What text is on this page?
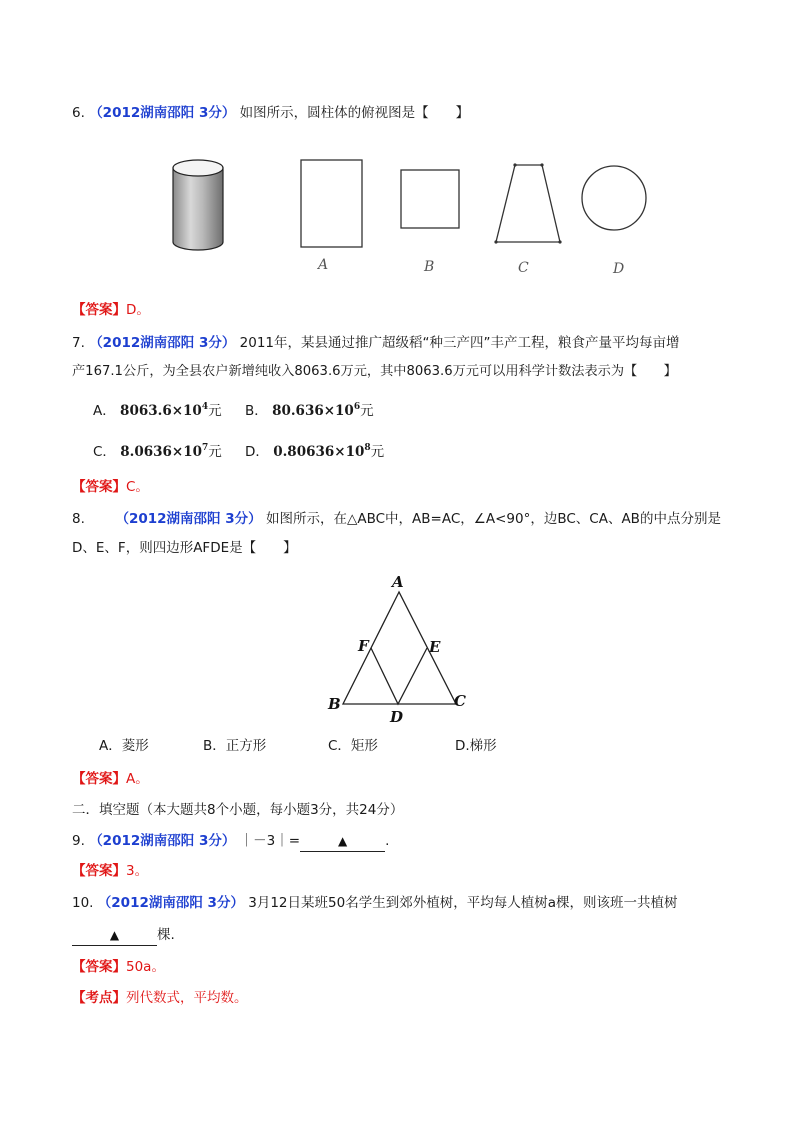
6. （2012湖南邵阳 3分） 如图所示，圆柱体的俯视图是【　　】
A	B	C	D
【答案】D。
7. （2012湖南邵阳 3分） 2011年，某县通过推广超级稻“种三产四”丰产工程，粮食产量平均每亩增
产167.1公斤，为全县农户新增纯收入8063.6万元，其中8063.6万元可以用科学计数法表示为【　　】
A． $8063.6\times 10^4$元 B． $80.636\times 10^6$元
C． $8.0636\times 10^7$元 D． $0.80636\times 10^8$元
【答案】C。
8. （2012湖南邵阳 3分） 如图所示，在△ABC中，AB=AC，∠A<90°，边BC、CA、AB的中点分别是
D、E、F，则四边形AFDE是【　　】
A
F	E
B
D
C
A．菱形	B．正方形	C．矩形	D.梯形
【答案】A。
二．填空题（本大题共8个小题，每小题3分，共24分）
9. （2012湖南邵阳 3分） ｜－3｜=	▲	.
【答案】3。
10. （2012湖南邵阳 3分） 3月12日某班50名学生到郊外植树，平均每人植树a棵，则该班一共植树
▲	棵.
【答案】50a。
【考点】列代数式，平均数。
